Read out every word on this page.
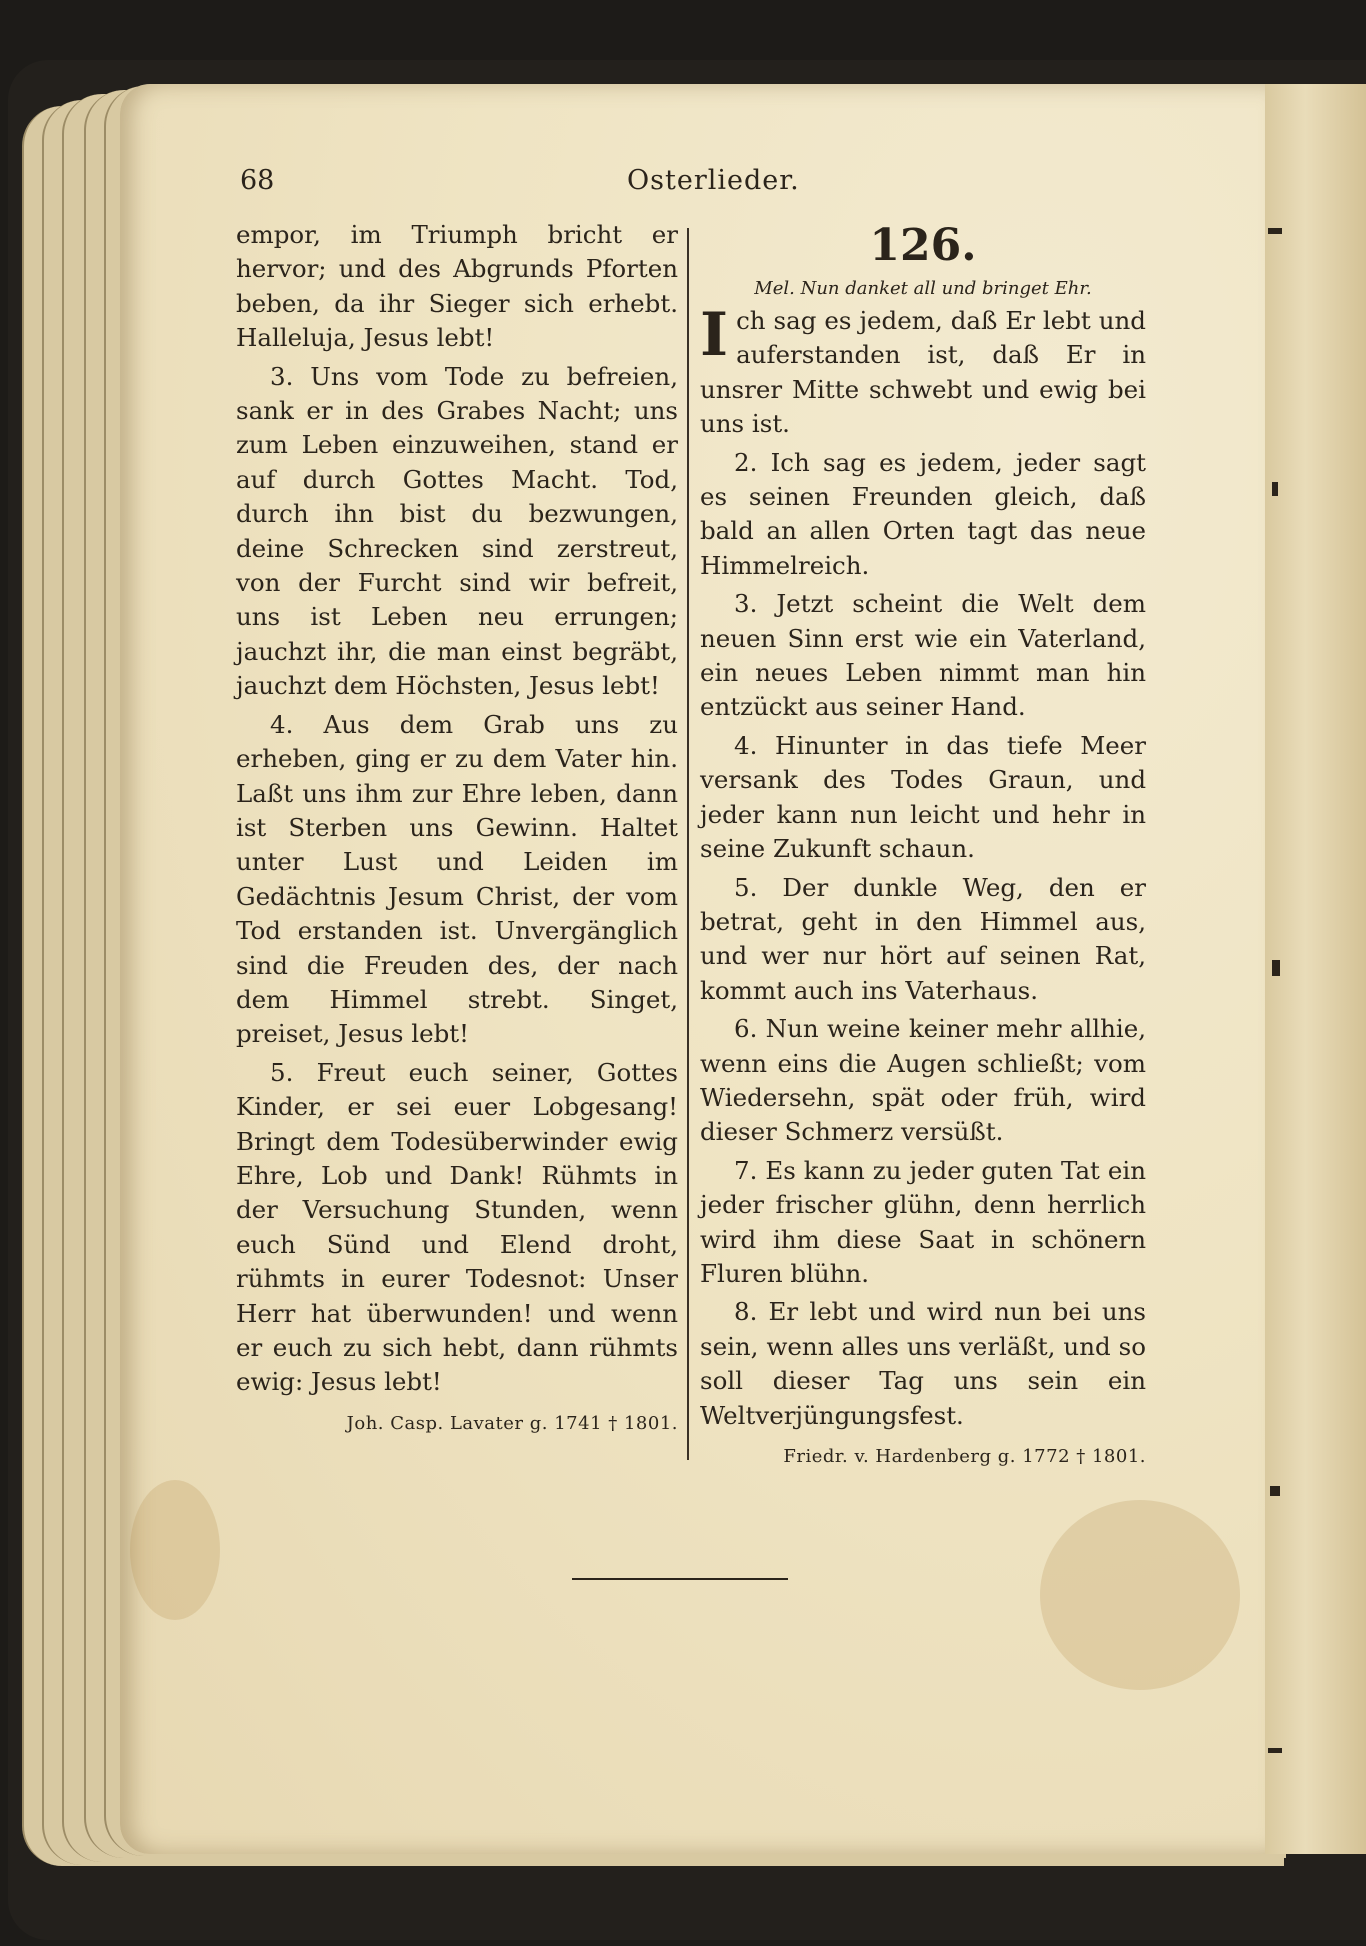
68	Osterlieder.

empor, im Triumph bricht er hervor; und des Abgrunds Pforten beben, da ihr Sieger sich erhebt. Halleluja, Jesus lebt!

3. Uns vom Tode zu befreien, sank er in des Grabes Nacht; uns zum Leben einzuweihen, stand er auf durch Gottes Macht. Tod, durch ihn bist du bezwungen, deine Schrecken sind zerstreut, von der Furcht sind wir befreit, uns ist Leben neu errungen; jauchzt ihr, die man einst begräbt, jauchzt dem Höchsten, Jesus lebt!

4. Aus dem Grab uns zu erheben, ging er zu dem Vater hin. Laßt uns ihm zur Ehre leben, dann ist Sterben uns Gewinn. Haltet unter Lust und Leiden im Gedächtnis Jesum Christ, der vom Tod erstanden ist. Unvergänglich sind die Freuden des, der nach dem Himmel strebt. Singet, preiset, Jesus lebt!

5. Freut euch seiner, Gottes Kinder, er sei euer Lobgesang! Bringt dem Todesüberwinder ewig Ehre, Lob und Dank! Rühmts in der Versuchung Stunden, wenn euch Sünd und Elend droht, rühmts in eurer Todesnot: Unser Herr hat überwunden! und wenn er euch zu sich hebt, dann rühmts ewig: Jesus lebt!

Joh. Casp. Lavater g. 1741 † 1801.

126.

Mel. Nun danket all und bringet Ehr.

Ich sag es jedem, daß Er lebt und auferstanden ist, daß Er in unsrer Mitte schwebt und ewig bei uns ist.

2. Ich sag es jedem, jeder sagt es seinen Freunden gleich, daß bald an allen Orten tagt das neue Himmelreich.

3. Jetzt scheint die Welt dem neuen Sinn erst wie ein Vaterland, ein neues Leben nimmt man hin entzückt aus seiner Hand.

4. Hinunter in das tiefe Meer versank des Todes Graun, und jeder kann nun leicht und hehr in seine Zukunft schaun.

5. Der dunkle Weg, den er betrat, geht in den Himmel aus, und wer nur hört auf seinen Rat, kommt auch ins Vaterhaus.

6. Nun weine keiner mehr allhie, wenn eins die Augen schließt; vom Wiedersehn, spät oder früh, wird dieser Schmerz versüßt.

7. Es kann zu jeder guten Tat ein jeder frischer glühn, denn herrlich wird ihm diese Saat in schönern Fluren blühn.

8. Er lebt und wird nun bei uns sein, wenn alles uns verläßt, und so soll dieser Tag uns sein ein Weltverjüngungsfest.

Friedr. v. Hardenberg g. 1772 † 1801.
